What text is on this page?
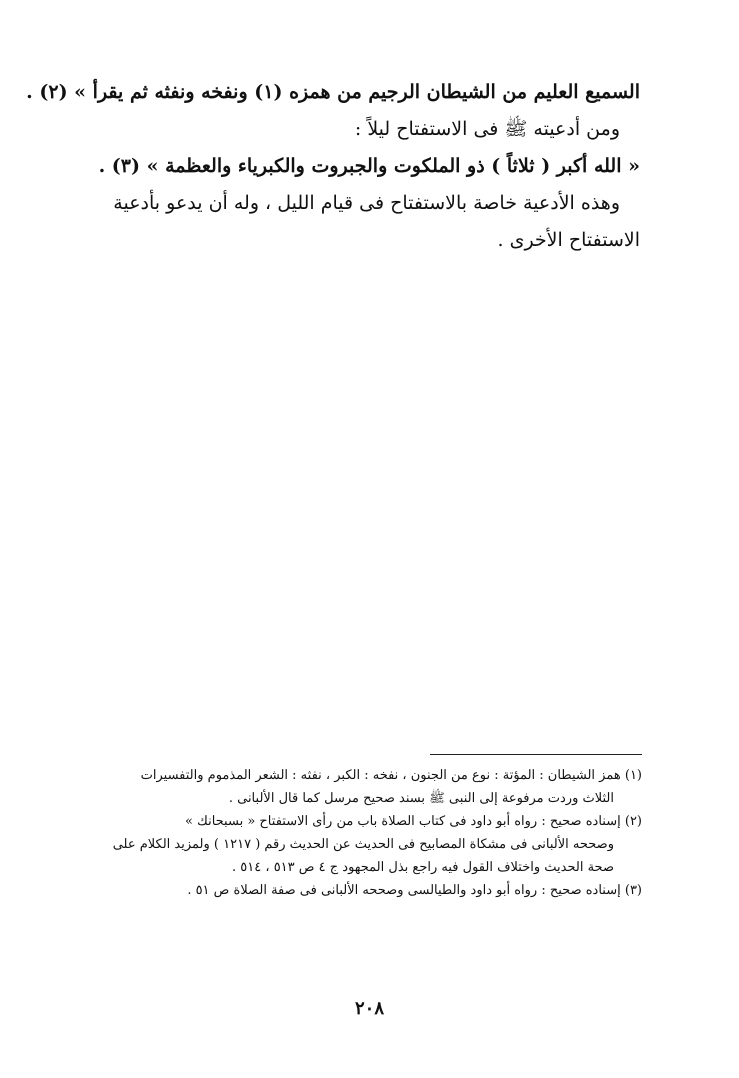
السميع العليم من الشيطان الرجيم من همزه (١) ونفخه ونفثه ثم يقرأ » (٢) .
ومن أدعيته ﷺ فى الاستفتاح ليلاً :
« الله أكبر ( ثلاثاً ) ذو الملكوت والجبروت والكبرياء والعظمة » (٣) .
وهذه الأدعية خاصة بالاستفتاح فى قيام الليل ، وله أن يدعو بأدعية
الاستفتاح الأخرى .
(١) همز الشيطان : المؤتة : نوع من الجنون ، نفخه : الكبر ، نفثه : الشعر المذموم والتفسيرات
الثلاث وردت مرفوعة إلى النبى ﷺ بسند صحيح مرسل كما قال الألبانى .
(٢) إسناده صحيح : رواه أبو داود فى كتاب الصلاة باب من رأى الاستفتاح « بسبحانك »
وصححه الألبانى فى مشكاة المصابيح فى الحديث عن الحديث رقم ( ١٢١٧ ) ولمزيد الكلام على
صحة الحديث واختلاف القول فيه راجع بذل المجهود ج ٤ ص ٥١٣ ، ٥١٤ .
(٣) إسناده صحيح : رواه أبو داود والطيالسى وصححه الألبانى فى صفة الصلاة ص ٥١ .
٢٠٨
